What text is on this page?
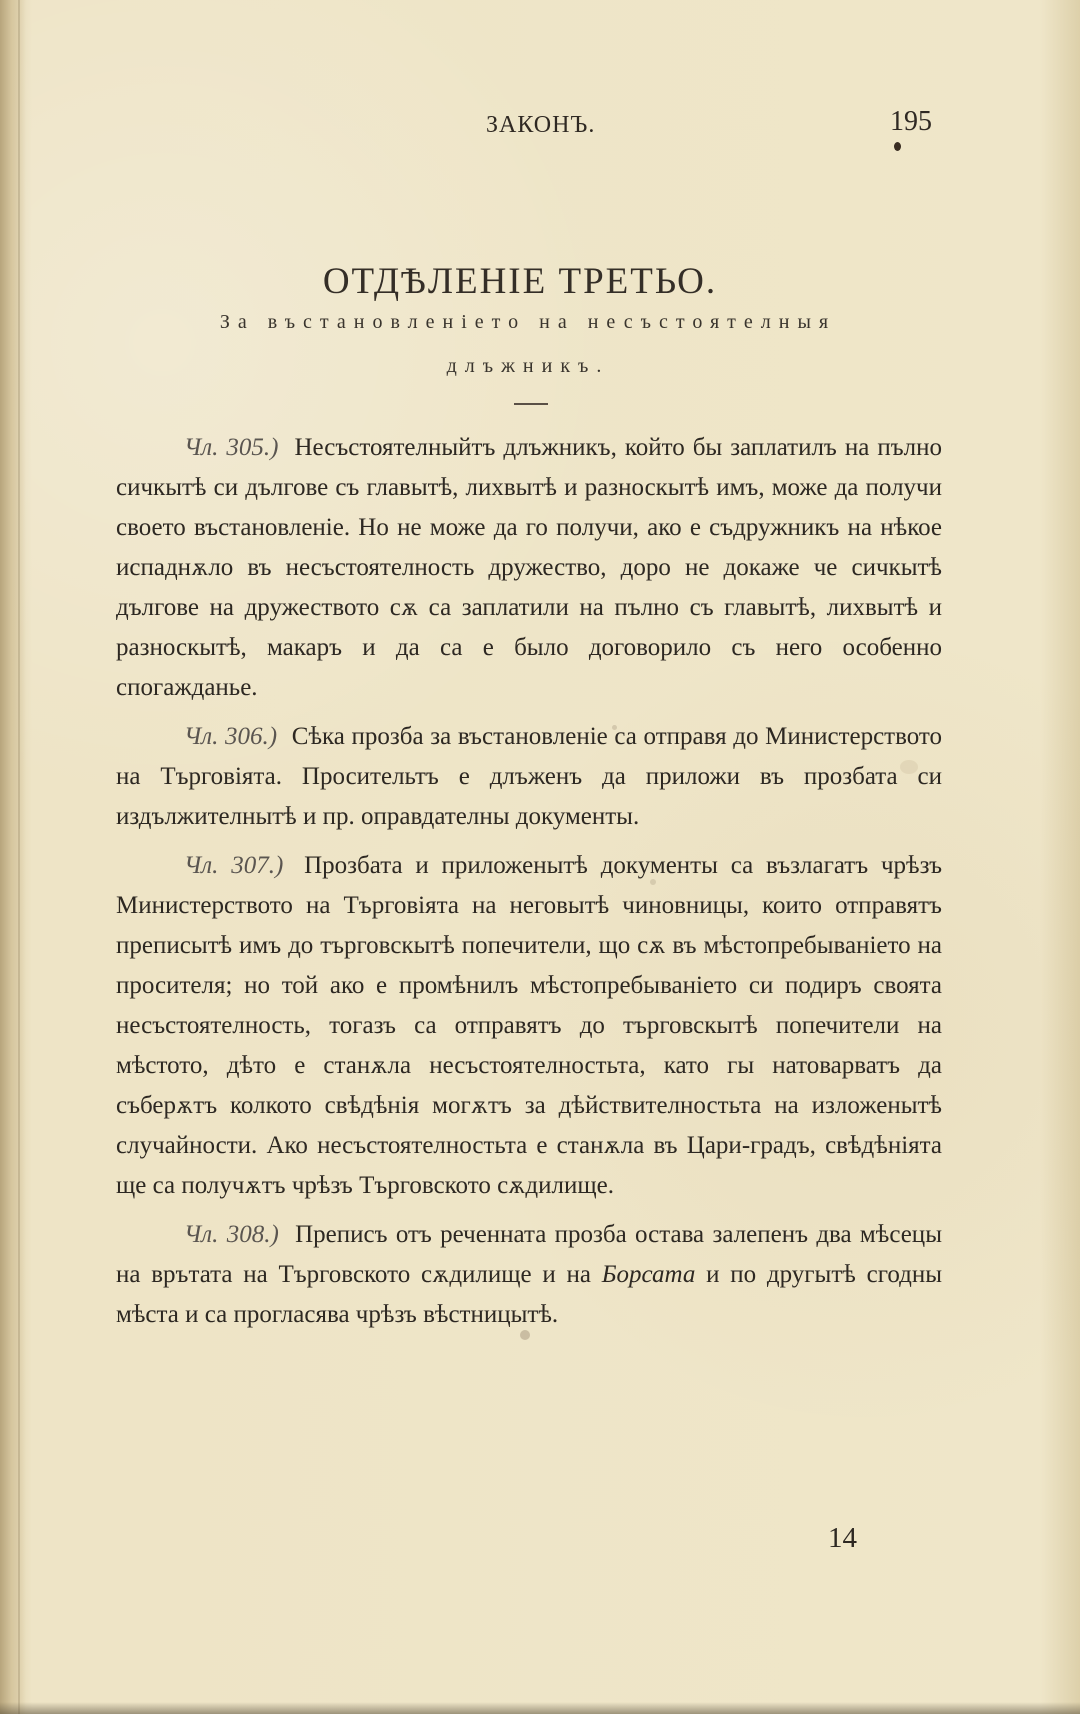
ЗАКОНЪ.	195
ОТДѢЛЕНІЕ ТРЕТЬО.
За въстановленіето на несъстоятелныя
длъжникъ.

Чл. 305.) Несъстоятелныйтъ длъжникъ, който бы заплатилъ на пълно сичкытѣ си дългове съ главытѣ, лихвытѣ и разноскытѣ имъ, може да получи своето въстановленіе. Но не може да го получи, ако е съдружникъ на нѣкое испаднѫло въ несъстоятелность дружество, доро не докаже че сичкытѣ дългове на дружеството сѫ са заплатили на пълно съ главытѣ, лихвытѣ и разноскытѣ, макаръ и да са е было договорило съ него особенно спогажданье.

Чл. 306.) Сѣка прозба за въстановленіе са отправя до Министерството на Търговіята. Просительтъ е длъженъ да приложи въ прозбата си издължителнытѣ и пр. оправдателны документы.

Чл. 307.) Прозбата и приложенытѣ документы са възлагатъ чрѣзъ Министерството на Търговіята на неговытѣ чиновницы, които отправятъ преписытѣ имъ до търговскытѣ попечители, що сѫ въ мѣстопребываніето на просителя; но той ако е промѣнилъ мѣстопребываніето си подиръ своята несъстоятелность, тогазъ са отправятъ до търговскытѣ попечители на мѣстото, дѣто е станѫла несъстоятелностьта, като гы натоварватъ да съберѫтъ колкото свѣдѣнія могѫтъ за дѣйствителностьта на изложенытѣ случайности. Ако несъстоятелностьта е станѫла въ Цари-градъ, свѣдѣніята ще са получѫтъ чрѣзъ Търговското сѫдилище.

Чл. 308.) Преписъ отъ реченната прозба остава залепенъ два мѣсецы на врътата на Търговското сѫдилище и на Борсата и по другытѣ сгодны мѣста и са прогласява чрѣзъ вѣстницытѣ.

14
